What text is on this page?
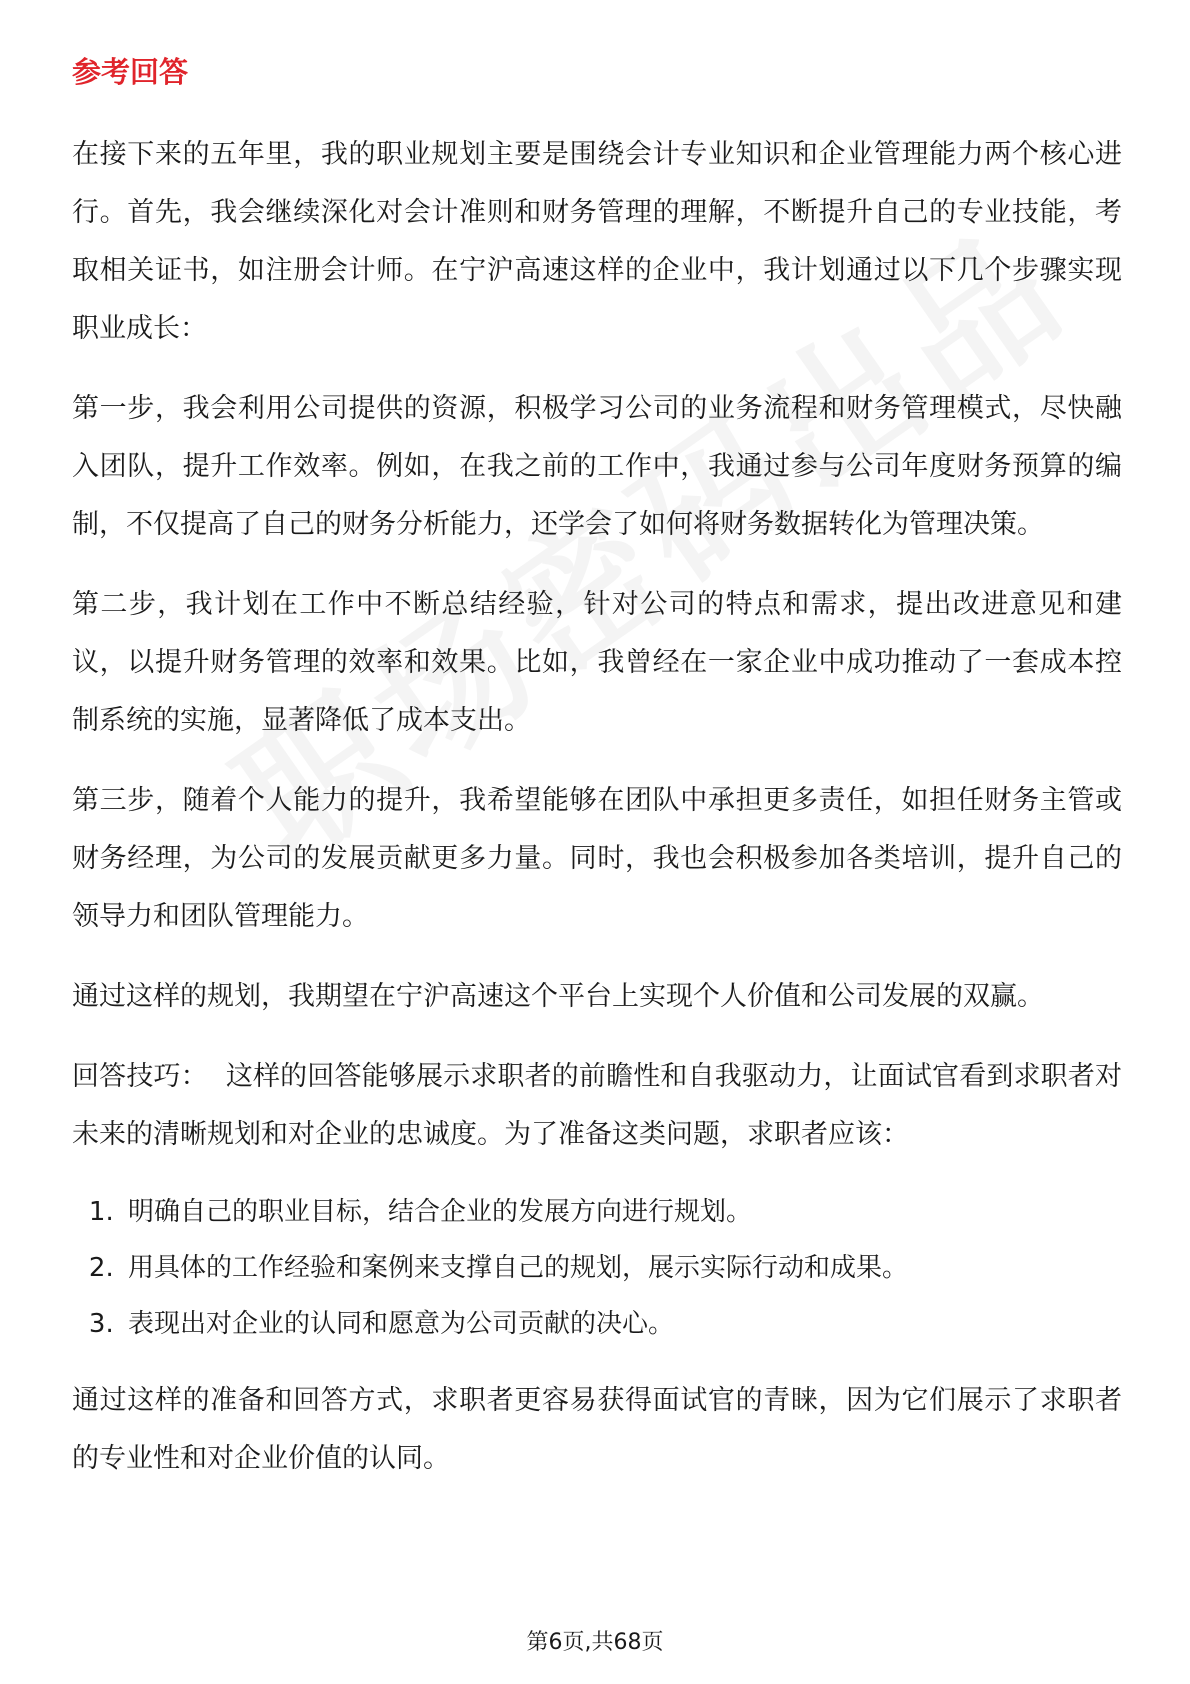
参考回答

在接下来的五年里，我的职业规划主要是围绕会计专业知识和企业管理能力两个核心进行。首先，我会继续深化对会计准则和财务管理的理解，不断提升自己的专业技能，考取相关证书，如注册会计师。在宁沪高速这样的企业中，我计划通过以下几个步骤实现职业成长：

第一步，我会利用公司提供的资源，积极学习公司的业务流程和财务管理模式，尽快融入团队，提升工作效率。例如，在我之前的工作中，我通过参与公司年度财务预算的编制，不仅提高了自己的财务分析能力，还学会了如何将财务数据转化为管理决策。

第二步，我计划在工作中不断总结经验，针对公司的特点和需求，提出改进意见和建议，以提升财务管理的效率和效果。比如，我曾经在一家企业中成功推动了一套成本控制系统的实施，显著降低了成本支出。

第三步，随着个人能力的提升，我希望能够在团队中承担更多责任，如担任财务主管或财务经理，为公司的发展贡献更多力量。同时，我也会积极参加各类培训，提升自己的领导力和团队管理能力。

通过这样的规划，我期望在宁沪高速这个平台上实现个人价值和公司发展的双赢。

回答技巧： 这样的回答能够展示求职者的前瞻性和自我驱动力，让面试官看到求职者对未来的清晰规划和对企业的忠诚度。为了准备这类问题，求职者应该：

1. 明确自己的职业目标，结合企业的发展方向进行规划。
2. 用具体的工作经验和案例来支撑自己的规划，展示实际行动和成果。
3. 表现出对企业的认同和愿意为公司贡献的决心。

通过这样的准备和回答方式，求职者更容易获得面试官的青睐，因为它们展示了求职者的专业性和对企业价值的认同。

第6页,共68页
